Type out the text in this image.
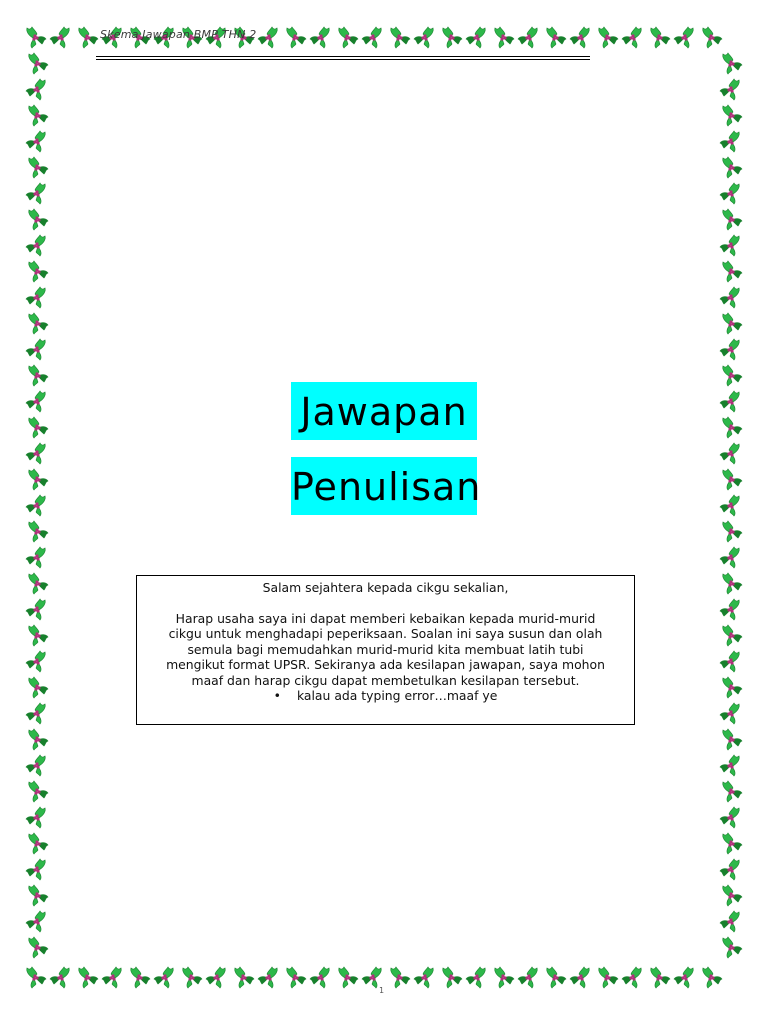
Skema Jawapan BMP THN 2
Jawapan
Penulisan

Salam sejahtera kepada cikgu sekalian,

Harap usaha saya ini dapat memberi kebaikan kepada murid-murid

cikgu untuk menghadapi peperiksaan. Soalan ini saya susun dan olah

semula bagi memudahkan murid-murid kita membuat latih tubi

mengikut format UPSR. Sekiranya ada kesilapan jawapan, saya mohon

maaf dan harap cikgu dapat membetulkan kesilapan tersebut.

• kalau ada typing error…maaf ye

1
